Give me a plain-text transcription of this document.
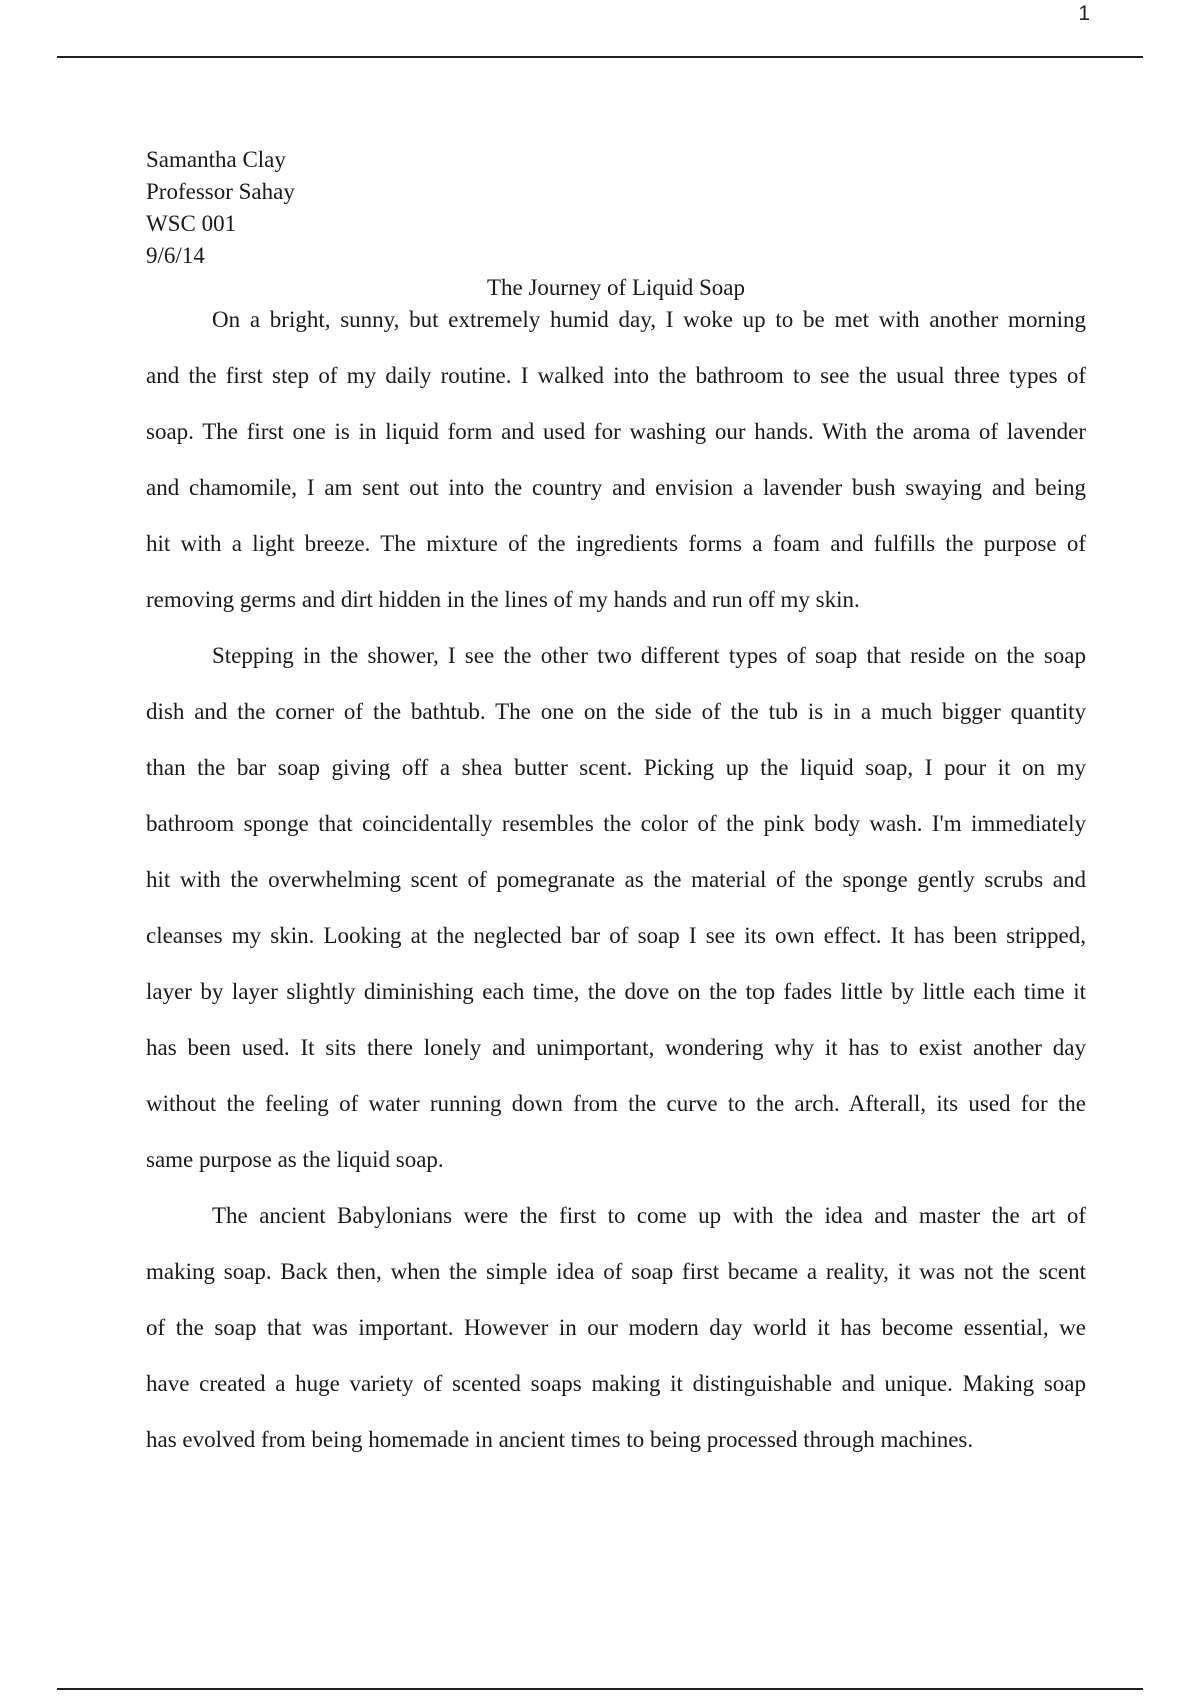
1
Samantha Clay
Professor Sahay
WSC 001
9/6/14
The Journey of Liquid Soap
On a bright, sunny, but extremely humid day, I woke up to be met with another morning
and the first step of my daily routine. I walked into the bathroom to see the usual three types of
soap. The first one is in liquid form and used for washing our hands. With the aroma of lavender
and chamomile, I am sent out into the country and envision a lavender bush swaying and being
hit with a light breeze. The mixture of the ingredients forms a foam and fulfills the purpose of
removing germs and dirt hidden in the lines of my hands and run off my skin.
Stepping in the shower, I see the other two different types of soap that reside on the soap
dish and the corner of the bathtub. The one on the side of the tub is in a much bigger quantity
than the bar soap giving off a shea butter scent. Picking up the liquid soap, I pour it on my
bathroom sponge that coincidentally resembles the color of the pink body wash. I'm immediately
hit with the overwhelming scent of pomegranate as the material of the sponge gently scrubs and
cleanses my skin. Looking at the neglected bar of soap I see its own effect. It has been stripped,
layer by layer slightly diminishing each time, the dove on the top fades little by little each time it
has been used. It sits there lonely and unimportant, wondering why it has to exist another day
without the feeling of water running down from the curve to the arch. Afterall, its used for the
same purpose as the liquid soap.
The ancient Babylonians were the first to come up with the idea and master the art of
making soap. Back then, when the simple idea of soap first became a reality, it was not the scent
of the soap that was important. However in our modern day world it has become essential, we
have created a huge variety of scented soaps making it distinguishable and unique. Making soap
has evolved from being homemade in ancient times to being processed through machines.
